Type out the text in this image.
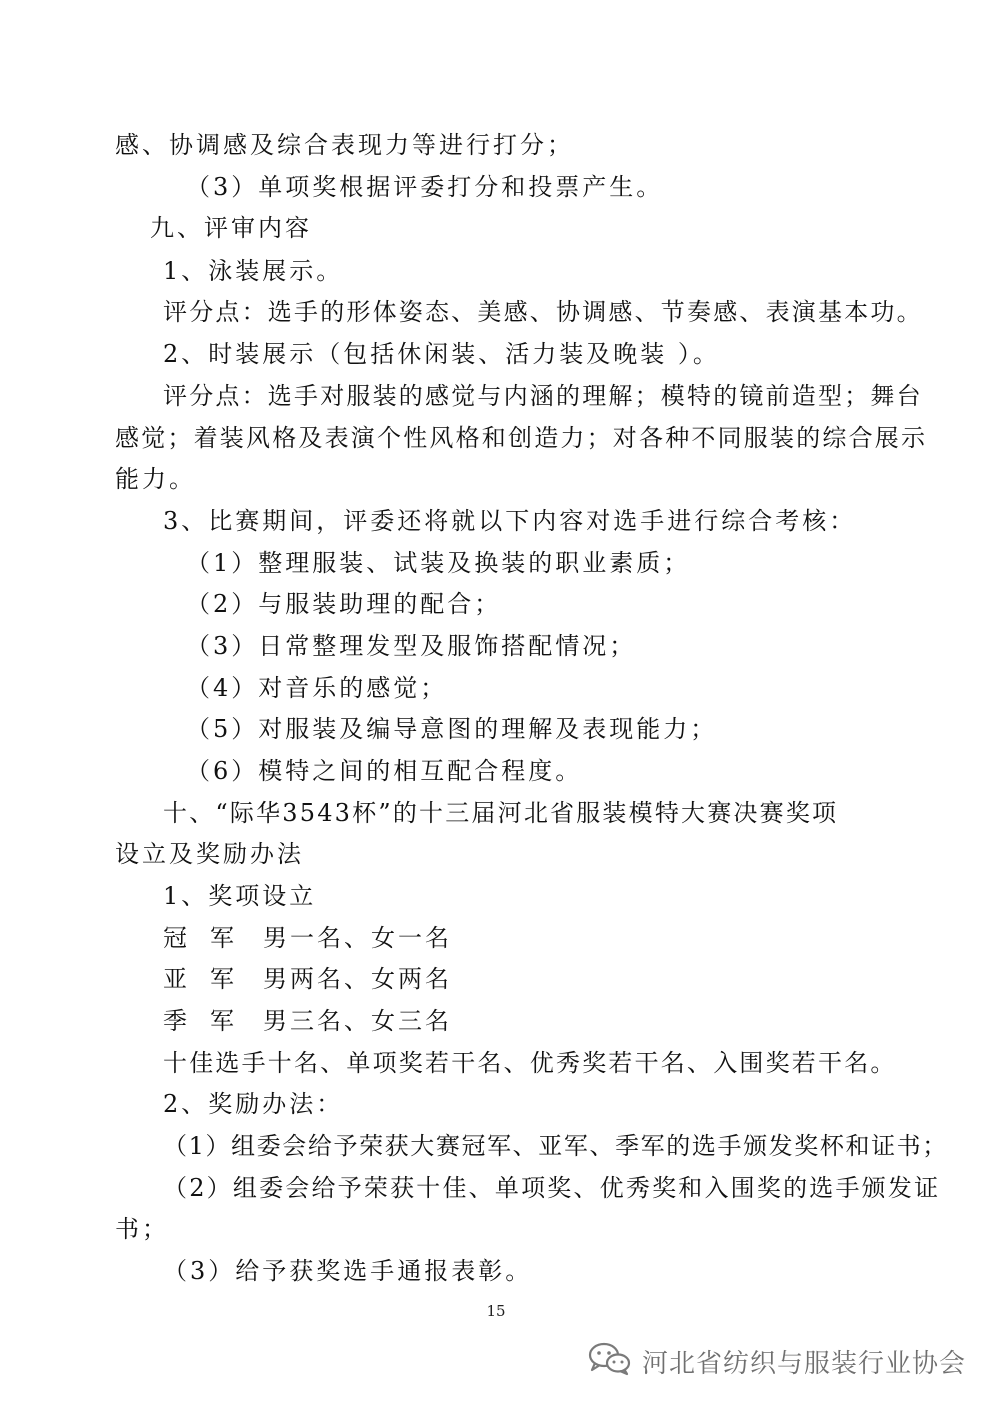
感、协调感及综合表现力等进行打分；
（3）单项奖根据评委打分和投票产生。
九、评审内容
1、泳装展示。
评分点：选手的形体姿态、美感、协调感、节奏感、表演基本功。
2、时装展示（包括休闲装、活力装及晚装 ）。
评分点：选手对服装的感觉与内涵的理解；模特的镜前造型；舞台
感觉；着装风格及表演个性风格和创造力；对各种不同服装的综合展示
能力。
3、比赛期间，评委还将就以下内容对选手进行综合考核：
（1）整理服装、试装及换装的职业素质；
（2）与服装助理的配合；
（3）日常整理发型及服饰搭配情况；
（4）对音乐的感觉；
（5）对服装及编导意图的理解及表现能力；
（6）模特之间的相互配合程度。
十、“际华3543杯”的十三届河北省服装模特大赛决赛奖项
设立及奖励办法
1、奖项设立
冠军 男一名、女一名
亚军 男两名、女两名
季军 男三名、女三名
十佳选手十名、单项奖若干名、优秀奖若干名、入围奖若干名。
2、奖励办法：
（1）组委会给予荣获大赛冠军、亚军、季军的选手颁发奖杯和证书；
（2）组委会给予荣获十佳、单项奖、优秀奖和入围奖的选手颁发证
书；
（3）给予获奖选手通报表彰。
15
河北省纺织与服装行业协会
